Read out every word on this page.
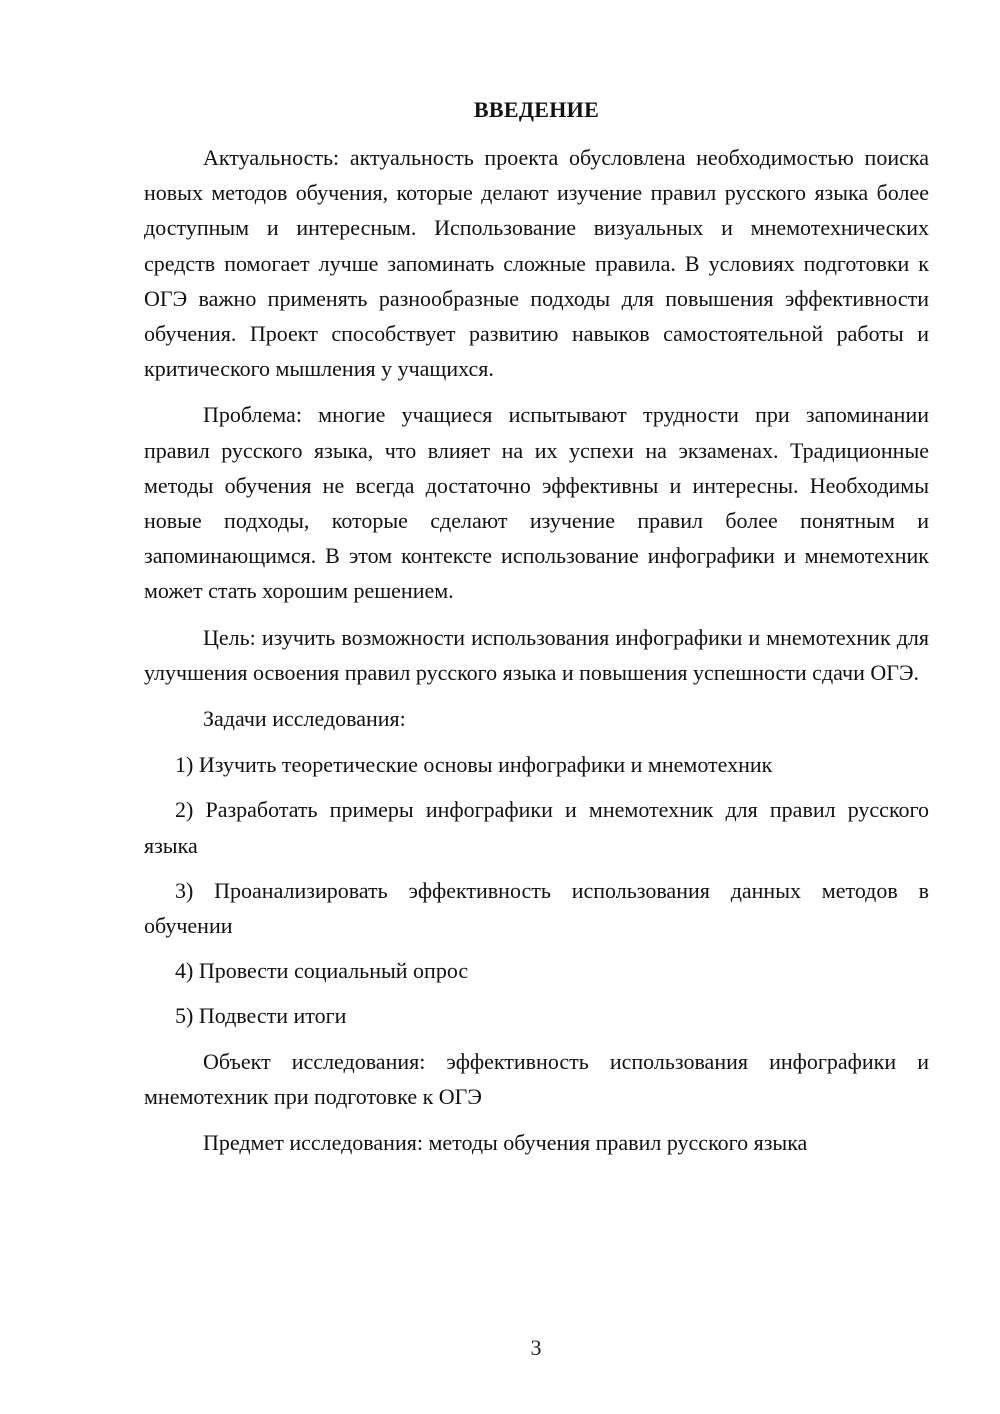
ВВЕДЕНИЕ

Актуальность: актуальность проекта обусловлена необходимостью поиска новых методов обучения, которые делают изучение правил русского языка более доступным и интересным. Использование визуальных и мнемотехнических средств помогает лучше запоминать сложные правила. В условиях подготовки к ОГЭ важно применять разнообразные подходы для повышения эффективности обучения. Проект способствует развитию навыков самостоятельной работы и критического мышления у учащихся.

Проблема: многие учащиеся испытывают трудности при запоминании правил русского языка, что влияет на их успехи на экзаменах. Традиционные методы обучения не всегда достаточно эффективны и интересны. Необходимы новые подходы, которые сделают изучение правил более понятным и запоминающимся. В этом контексте использование инфографики и мнемотехник может стать хорошим решением.

Цель: изучить возможности использования инфографики и мнемотехник для улучшения освоения правил русского языка и повышения успешности сдачи ОГЭ.

Задачи исследования:

1) Изучить теоретические основы инфографики и мнемотехник

2) Разработать примеры инфографики и мнемотехник для правил русского языка

3) Проанализировать эффективность использования данных методов в обучении

4) Провести социальный опрос

5) Подвести итоги

Объект исследования: эффективность использования инфографики и мнемотехник при подготовке к ОГЭ

Предмет исследования: методы обучения правил русского языка

3
